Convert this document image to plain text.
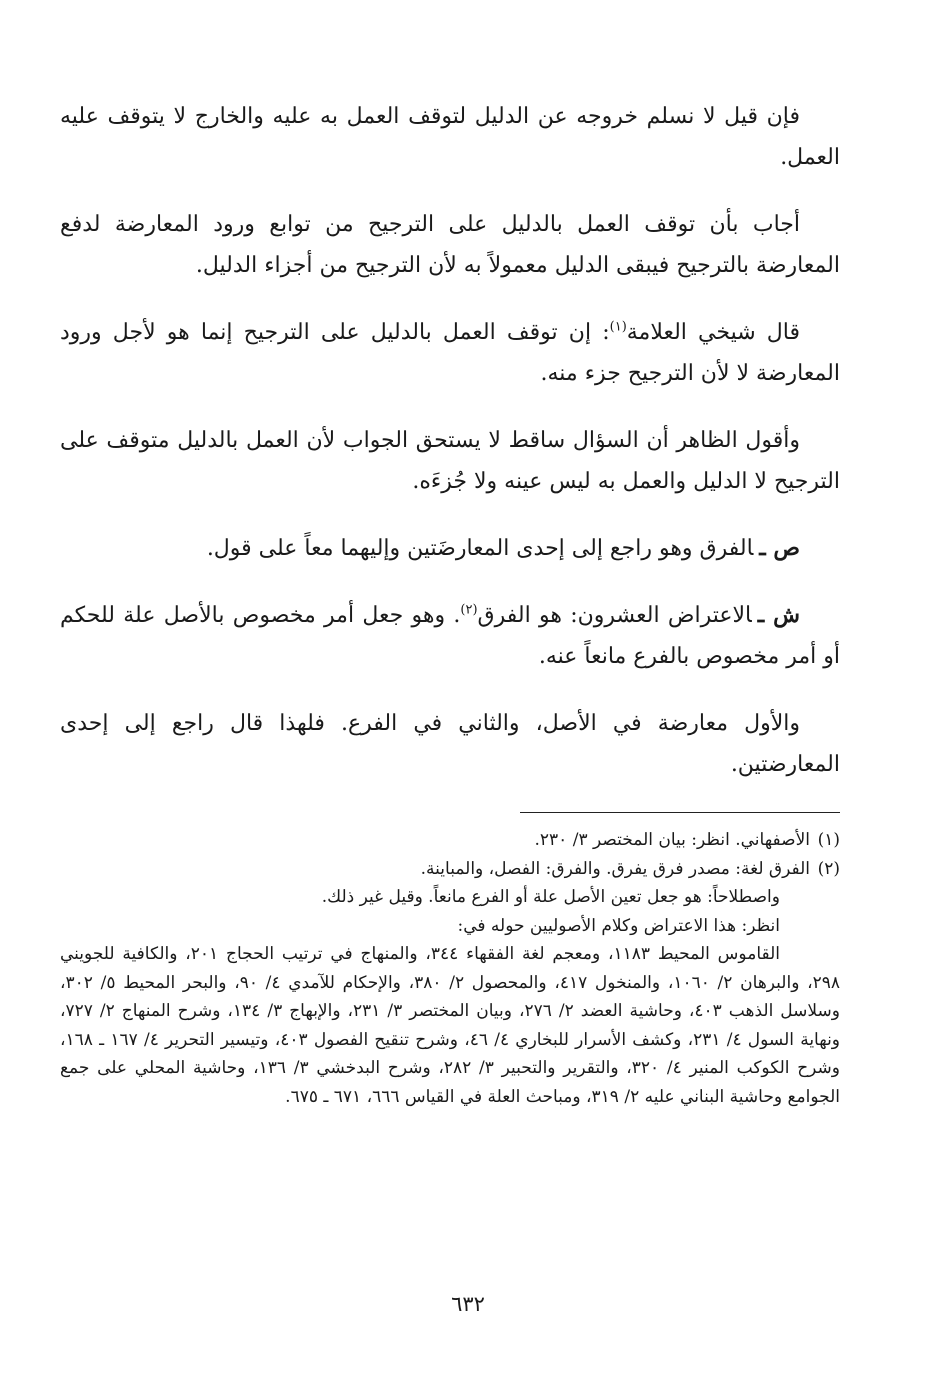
فإن قيل لا نسلم خروجه عن الدليل لتوقف العمل به عليه والخارج لا يتوقف عليه العمل.

أجاب بأن توقف العمل بالدليل على الترجيح من توابع ورود المعارضة لدفع المعارضة بالترجيح فيبقى الدليل معمولاً به لأن الترجيح من أجزاء الدليل.

قال شيخي العلامة$^{(١)}$: إن توقف العمل بالدليل على الترجيح إنما هو لأجل ورود المعارضة لا لأن الترجيح جزء منه.

وأقول الظاهر أن السؤال ساقط لا يستحق الجواب لأن العمل بالدليل متوقف على الترجيح لا الدليل والعمل به ليس عينه ولا جُزءَه.

ص ـالفرق وهو راجع إلى إحدى المعارضَتين وإليهما معاً على قول.

ش ـالاعتراض العشرون: هو الفرق$^{(٢)}$. وهو جعل أمر مخصوص بالأصل علة للحكم أو أمر مخصوص بالفرع مانعاً عنه.

والأول معارضة في الأصل، والثاني في الفرع. فلهذا قال راجع إلى إحدى المعارضتين.

(١)الأصفهاني. انظر: بيان المختصر ٣/ ٢٣٠.

(٢)الفرق لغة: مصدر فرق يفرق. والفرق: الفصل، والمباينة.

واصطلاحاً: هو جعل تعين الأصل علة أو الفرع مانعاً. وقيل غير ذلك.

انظر: هذا الاعتراض وكلام الأصوليين حوله في:

القاموس المحيط ١١٨٣، ومعجم لغة الفقهاء ٣٤٤، والمنهاج في ترتيب الحجاج ٢٠١، والكافية للجويني ٢٩٨، والبرهان ٢/ ١٠٦٠، والمنخول ٤١٧، والمحصول ٢/ ٣٨٠، والإحكام للآمدي ٤/ ٩٠، والبحر المحيط ٥/ ٣٠٢، وسلاسل الذهب ٤٠٣، وحاشية العضد ٢/ ٢٧٦، وبيان المختصر ٣/ ٢٣١، والإبهاج ٣/ ١٣٤، وشرح المنهاج ٢/ ٧٢٧، ونهاية السول ٤/ ٢٣١، وكشف الأسرار للبخاري ٤/ ٤٦، وشرح تنقيح الفصول ٤٠٣، وتيسير التحرير ٤/ ١٦٧ ـ ١٦٨، وشرح الكوكب المنير ٤/ ٣٢٠، والتقرير والتحبير ٣/ ٢٨٢، وشرح البدخشي ٣/ ١٣٦، وحاشية المحلي على جمع الجوامع وحاشية البناني عليه ٢/ ٣١٩، ومباحث العلة في القياس ٦٦٦، ٦٧١ ـ ٦٧٥.

٦٣٢
